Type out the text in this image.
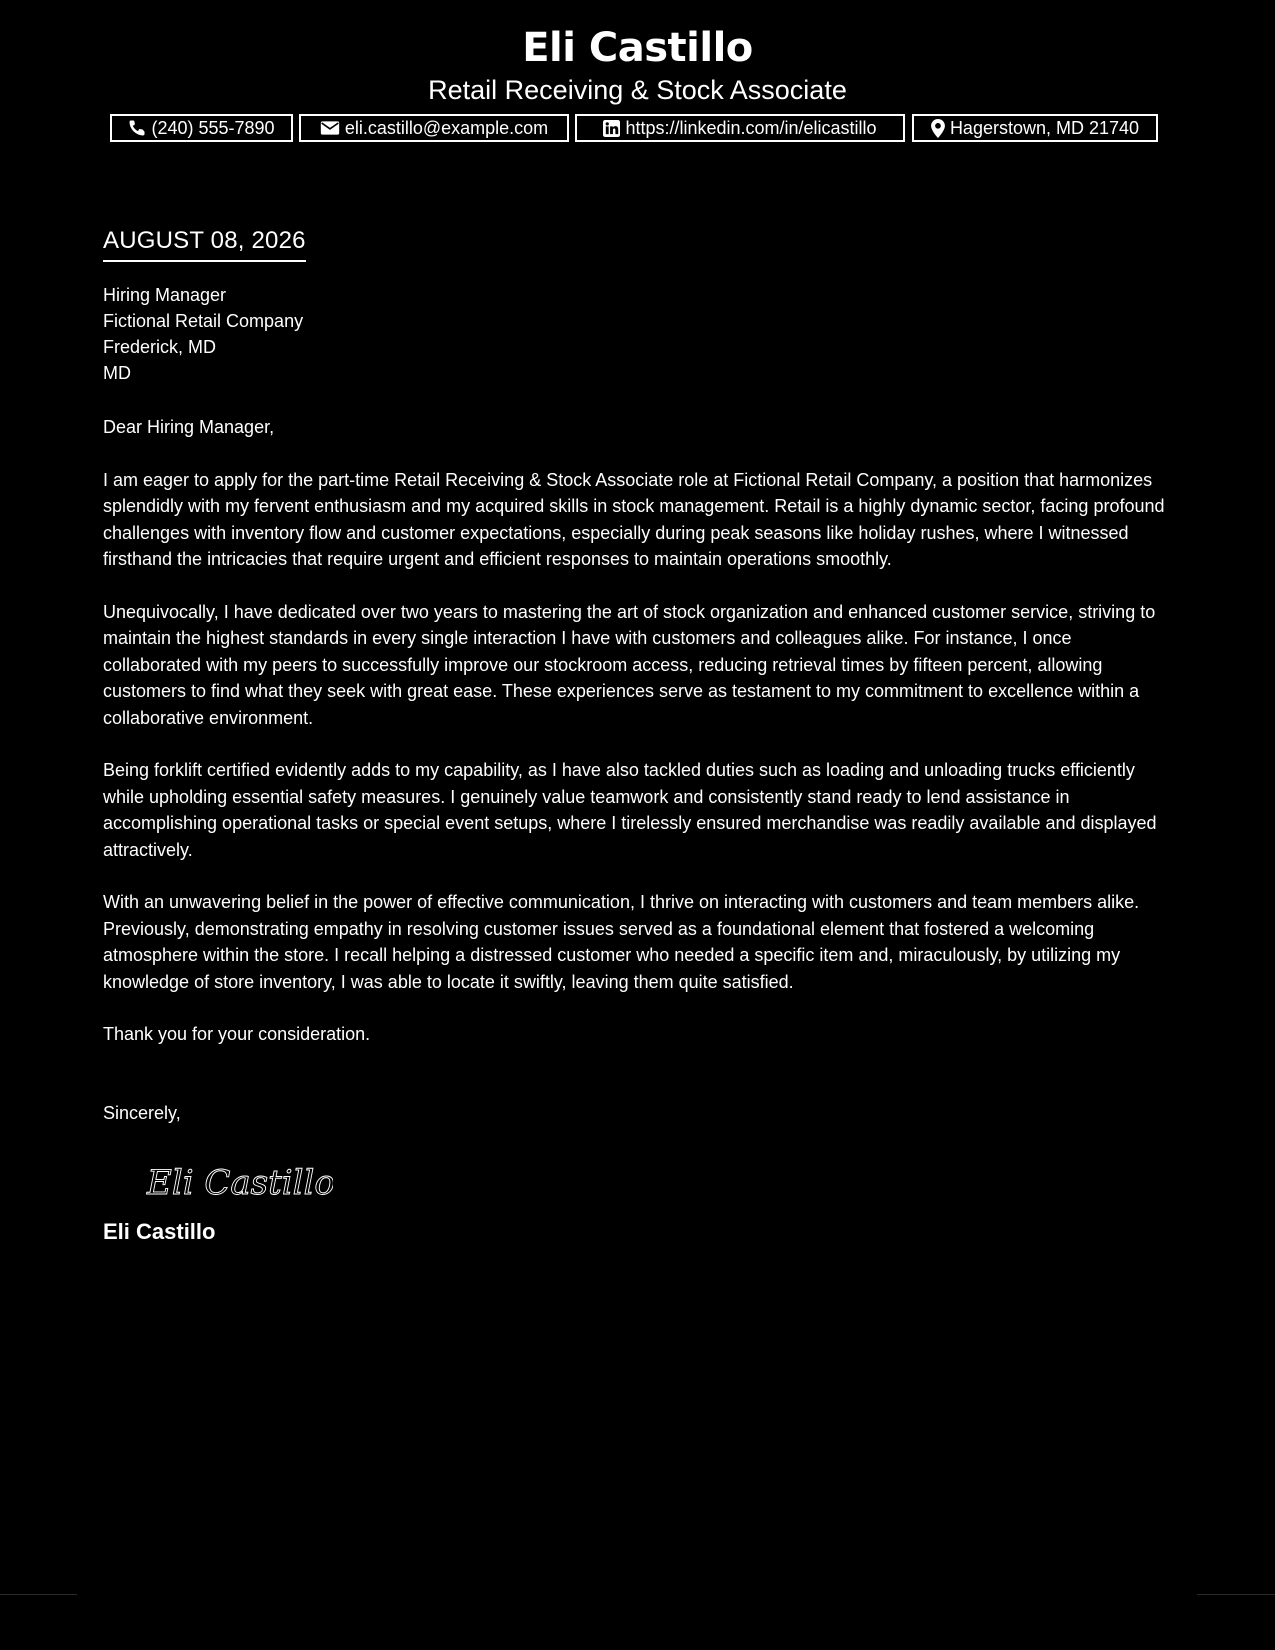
Eli Castillo
Retail Receiving & Stock Associate
(240) 555-7890	eli.castillo@example.com	https://linkedin.com/in/elicastillo	Hagerstown, MD 21740
AUGUST 08, 2026
Hiring Manager
Fictional Retail Company
Frederick, MD
MD
Dear Hiring Manager,
I am eager to apply for the part-time Retail Receiving & Stock Associate role at Fictional Retail Company, a position that harmonizes splendidly with my fervent enthusiasm and my acquired skills in stock management. Retail is a highly dynamic sector, facing profound challenges with inventory flow and customer expectations, especially during peak seasons like holiday rushes, where I witnessed firsthand the intricacies that require urgent and efficient responses to maintain operations smoothly.
Unequivocally, I have dedicated over two years to mastering the art of stock organization and enhanced customer service, striving to maintain the highest standards in every single interaction I have with customers and colleagues alike. For instance, I once collaborated with my peers to successfully improve our stockroom access, reducing retrieval times by fifteen percent, allowing customers to find what they seek with great ease. These experiences serve as testament to my commitment to excellence within a collaborative environment.
Being forklift certified evidently adds to my capability, as I have also tackled duties such as loading and unloading trucks efficiently while upholding essential safety measures. I genuinely value teamwork and consistently stand ready to lend assistance in accomplishing operational tasks or special event setups, where I tirelessly ensured merchandise was readily available and displayed attractively.
With an unwavering belief in the power of effective communication, I thrive on interacting with customers and team members alike. Previously, demonstrating empathy in resolving customer issues served as a foundational element that fostered a welcoming atmosphere within the store. I recall helping a distressed customer who needed a specific item and, miraculously, by utilizing my knowledge of store inventory, I was able to locate it swiftly, leaving them quite satisfied.
Thank you for your consideration.
Sincerely,
Eli Castillo
Eli Castillo
